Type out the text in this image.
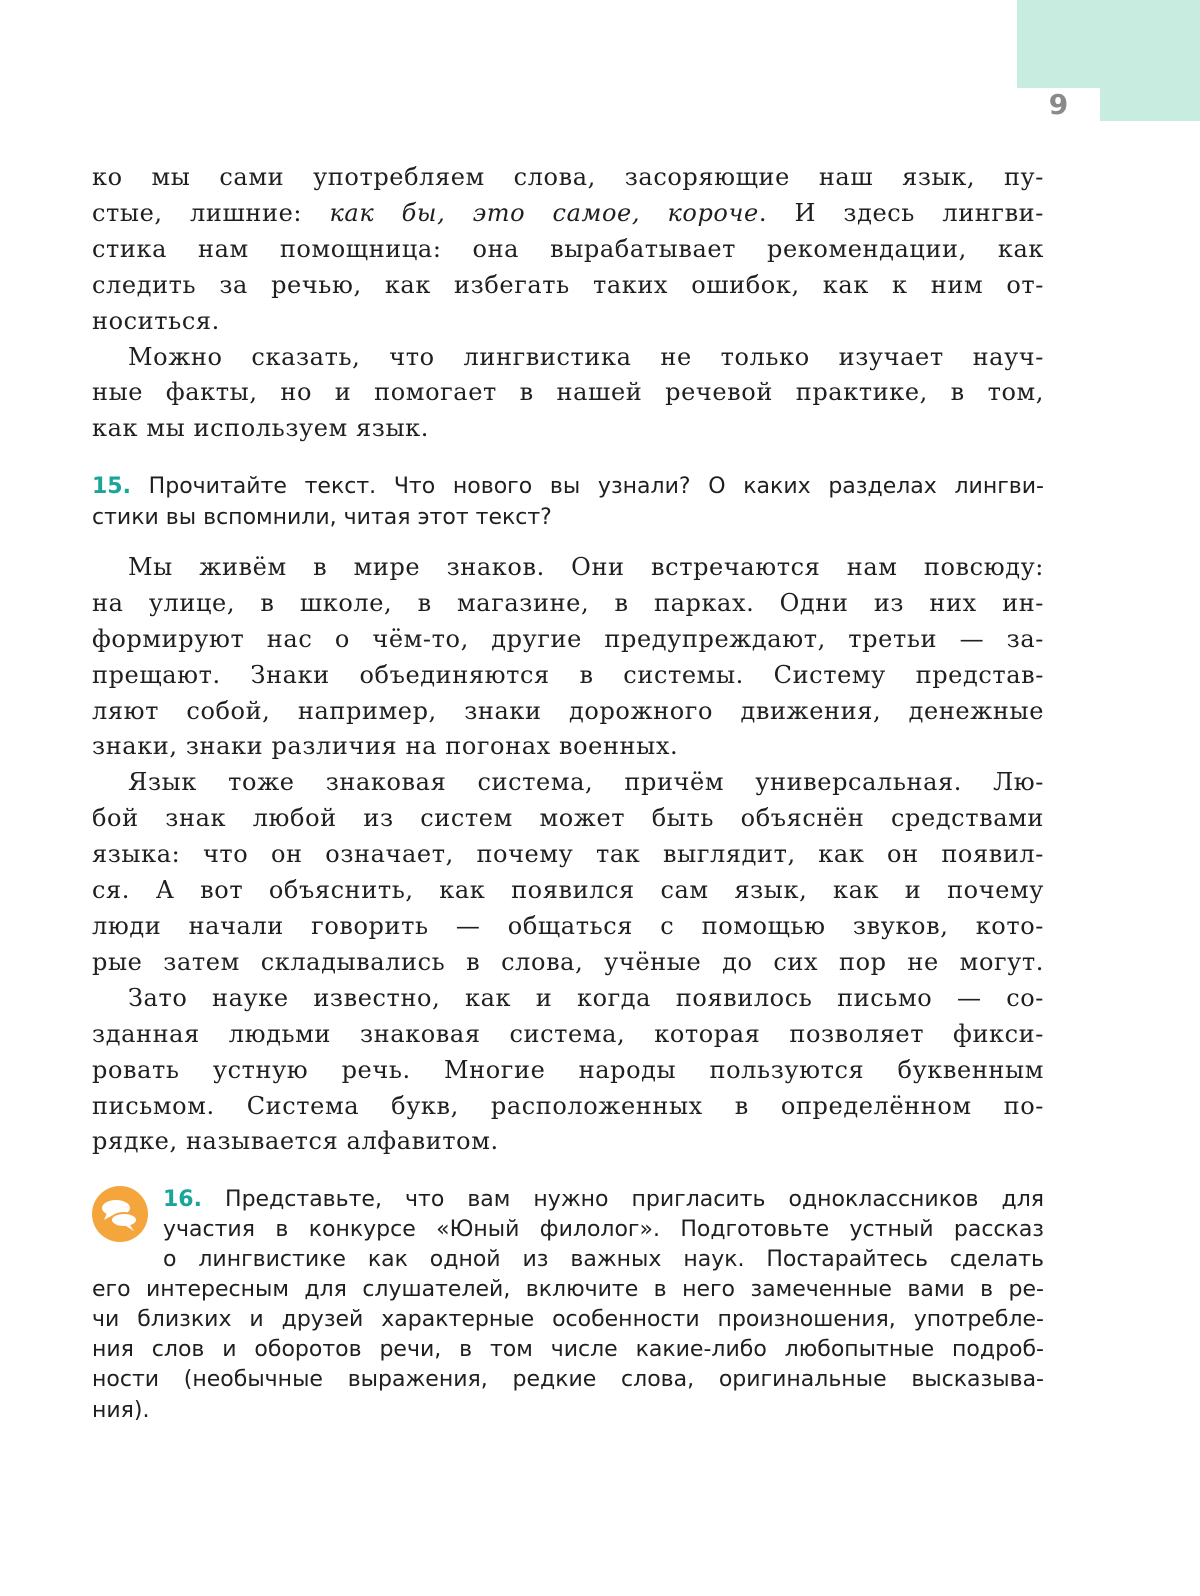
9
ко мы сами употребляем слова, засоряющие наш язык, пу-
стые, лишние: как бы, это самое, короче. И здесь лингви-
стика нам помощница: она вырабатывает рекомендации, как
следить за речью, как избегать таких ошибок, как к ним от-
носиться.
Можно сказать, что лингвистика не только изучает науч-
ные факты, но и помогает в нашей речевой практике, в том,
как мы используем язык.
15. Прочитайте текст. Что нового вы узнали? О каких разделах лингви-
стики вы вспомнили, читая этот текст?
Мы живём в мире знаков. Они встречаются нам повсюду:
на улице, в школе, в магазине, в парках. Одни из них ин-
формируют нас о чём-то, другие предупреждают, третьи — за-
прещают. Знаки объединяются в системы. Систему представ-
ляют собой, например, знаки дорожного движения, денежные
знаки, знаки различия на погонах военных.
Язык тоже знаковая система, причём универсальная. Лю-
бой знак любой из систем может быть объяснён средствами
языка: что он означает, почему так выглядит, как он появил-
ся. А вот объяснить, как появился сам язык, как и почему
люди начали говорить — общаться с помощью звуков, кото-
рые затем складывались в слова, учёные до сих пор не могут.
Зато науке известно, как и когда появилось письмо — со-
зданная людьми знаковая система, которая позволяет фикси-
ровать устную речь. Многие народы пользуются буквенным
письмом. Система букв, расположенных в определённом по-
рядке, называется алфавитом.
16. Представьте, что вам нужно пригласить одноклассников для
участия в конкурсе «Юный филолог». Подготовьте устный рассказ
о лингвистике как одной из важных наук. Постарайтесь сделать
его интересным для слушателей, включите в него замеченные вами в ре-
чи близких и друзей характерные особенности произношения, употребле-
ния слов и оборотов речи, в том числе какие-либо любопытные подроб-
ности (необычные выражения, редкие слова, оригинальные высказыва-
ния).
